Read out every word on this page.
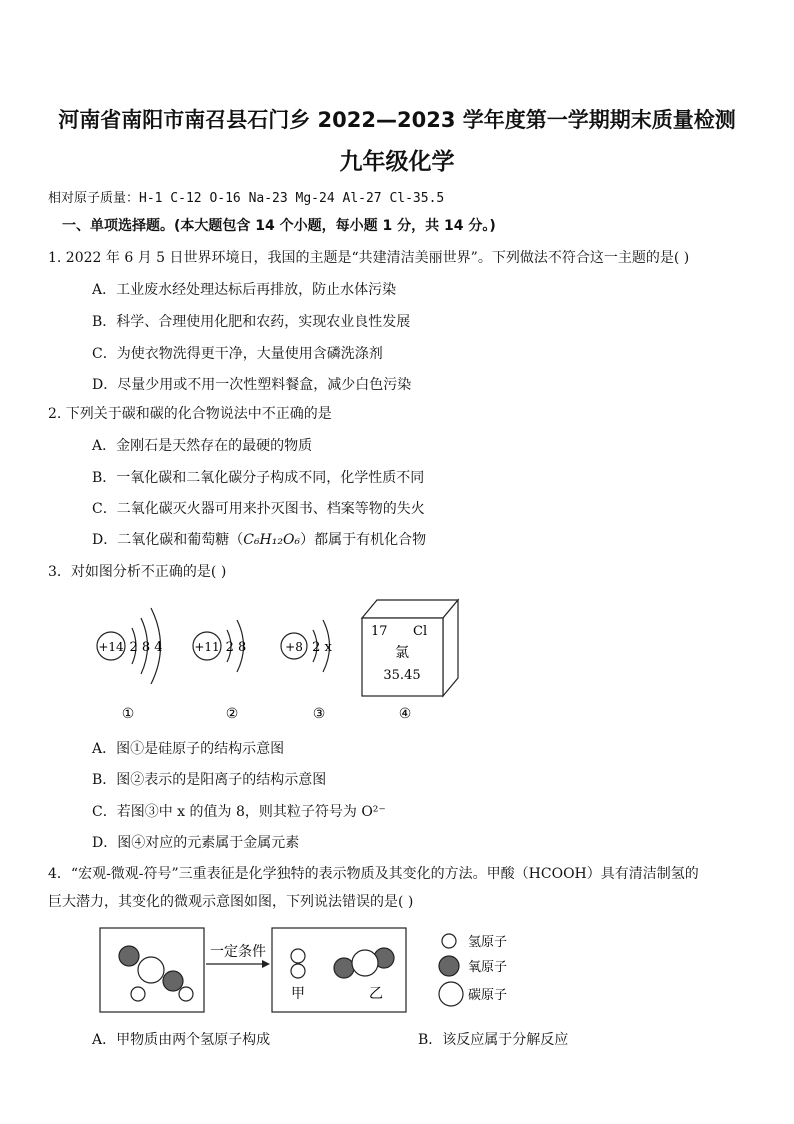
河南省南阳市南召县石门乡 2022—2023 学年度第一学期期末质量检测
九年级化学
相对原子质量：H-1 C-12 O-16 Na-23 Mg-24 Al-27 Cl-35.5
一、单项选择题。(本大题包含 14 个小题，每小题 1 分，共 14 分。)
1. 2022 年 6 月 5 日世界环境日，我国的主题是“共建清洁美丽世界”。下列做法不符合这一主题的是( )
A．工业废水经处理达标后再排放，防止水体污染
B．科学、合理使用化肥和农药，实现农业良性发展
C．为使衣物洗得更干净，大量使用含磷洗涤剂
D．尽量少用或不用一次性塑料餐盒，减少白色污染
2. 下列关于碳和碳的化合物说法中不正确的是
A．金刚石是天然存在的最硬的物质
B．一氧化碳和二氧化碳分子构成不同，化学性质不同
C．二氧化碳灭火器可用来扑灭图书、档案等物的失火
D．二氧化碳和葡萄糖（C₆H₁₂O₆）都属于有机化合物
3．对如图分析不正确的是( )
+14 2 8 4
①
+11 2 8
②
+8 2 x
③
17 Cl
氯
35.45
④
A．图①是硅原子的结构示意图
B．图②表示的是阳离子的结构示意图
C．若图③中 x 的值为 8，则其粒子符号为 O²⁻
D．图④对应的元素属于金属元素
4．“宏观-微观-符号”三重表征是化学独特的表示物质及其变化的方法。甲酸（HCOOH）具有清洁制氢的
巨大潜力，其变化的微观示意图如图，下列说法错误的是( )
一定条件
甲	乙
氢原子
氧原子
碳原子
A．甲物质由两个氢原子构成	B．该反应属于分解反应
